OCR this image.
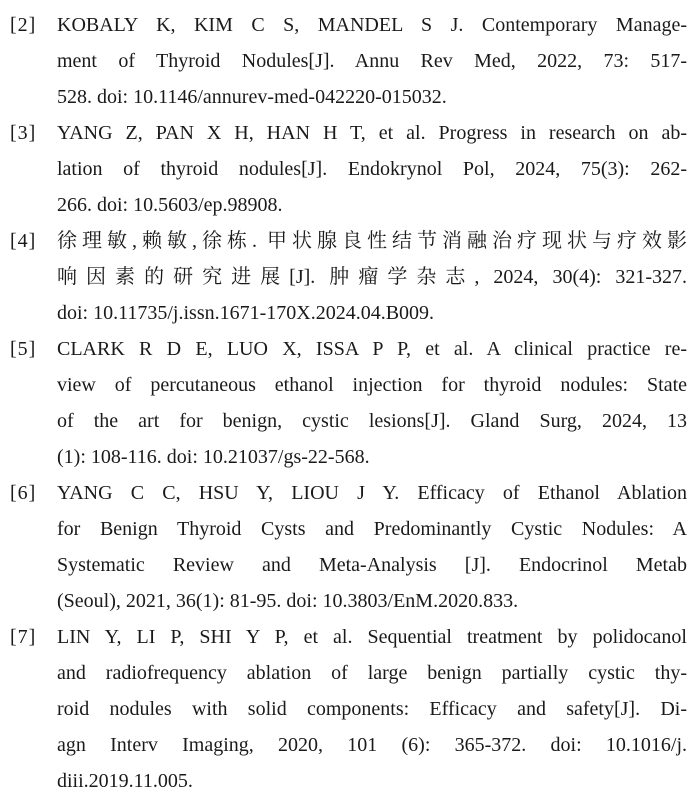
[2]	KOBALY K, KIM C S, MANDEL S J. Contemporary Manage-
ment of Thyroid Nodules[J]. Annu Rev Med, 2022, 73: 517-
528. doi: 10.1146/annurev-med-042220-015032.
[3]	YANG Z, PAN X H, HAN H T, et al. Progress in research on ab-
lation of thyroid nodules[J]. Endokrynol Pol, 2024, 75(3): 262-
266. doi: 10.5603/ep.98908.
[4]	徐理敏,赖敏,徐栋. 甲状腺良性结节消融治疗现状与疗效影
响因素的研究进展[J]. 肿瘤学杂志, 2024, 30(4): 321-327.
doi: 10.11735/j.issn.1671-170X.2024.04.B009.
[5]	CLARK R D E, LUO X, ISSA P P, et al. A clinical practice re-
view of percutaneous ethanol injection for thyroid nodules: State
of the art for benign, cystic lesions[J]. Gland Surg, 2024, 13
(1): 108-116. doi: 10.21037/gs-22-568.
[6]	YANG C C, HSU Y, LIOU J Y. Efficacy of Ethanol Ablation
for Benign Thyroid Cysts and Predominantly Cystic Nodules: A
Systematic Review and Meta-Analysis [J]. Endocrinol Metab
(Seoul), 2021, 36(1): 81-95. doi: 10.3803/EnM.2020.833.
[7]	LIN Y, LI P, SHI Y P, et al. Sequential treatment by polidocanol
and radiofrequency ablation of large benign partially cystic thy-
roid nodules with solid components: Efficacy and safety[J]. Di-
agn Interv Imaging, 2020, 101 (6): 365-372. doi: 10.1016/j.
diii.2019.11.005.
